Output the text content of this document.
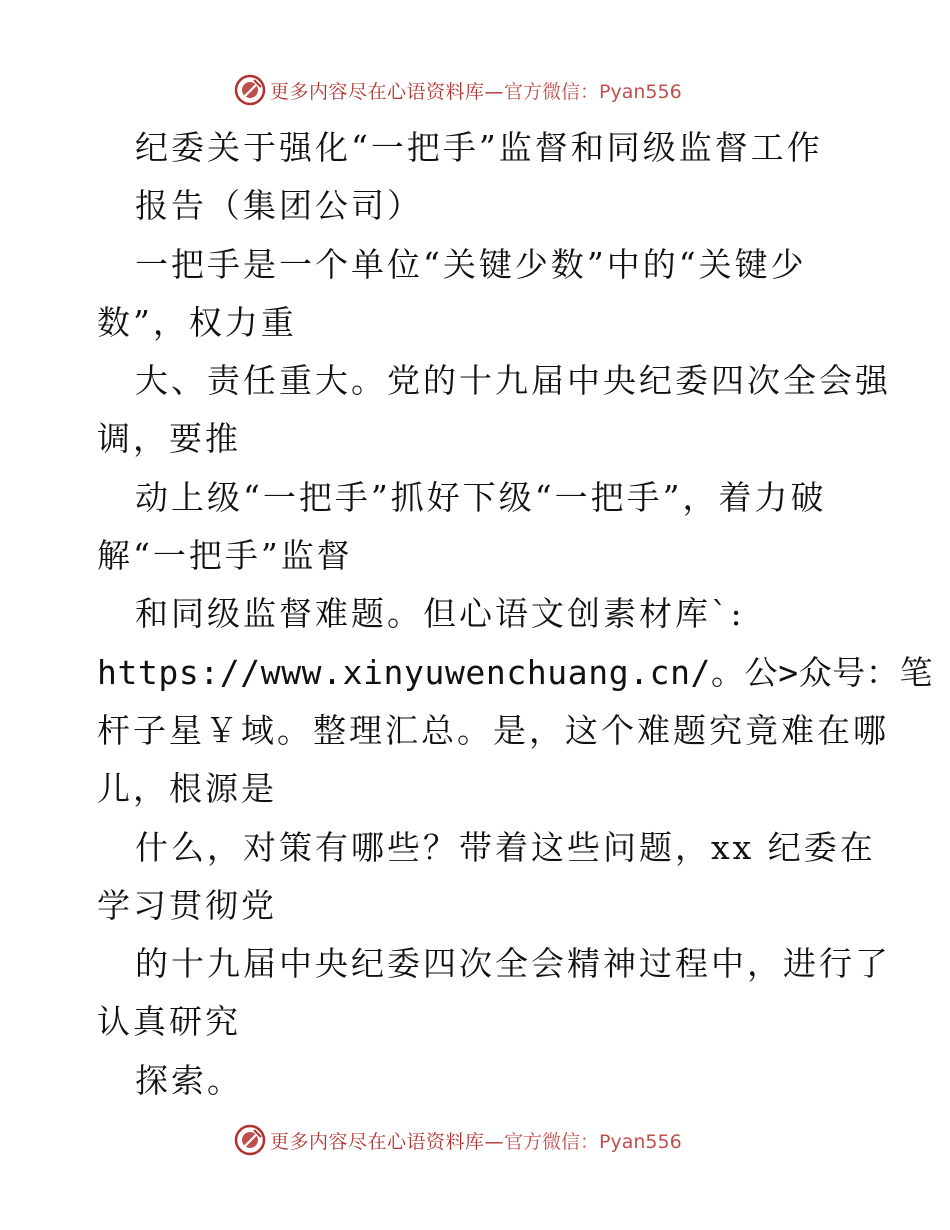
更多内容尽在心语资料库— 官方微信：Pyan556
纪委关于强化“一把手”监督和同级监督工作
报告（集团公司）
一把手是一个单位“关键少数”中的“关键少
数”，权力重
大、责任重大。党的十九届中央纪委四次全会强
调，要推
动上级“一把手”抓好下级“一把手”，着力破
解“一把手”监督
和同级监督难题。但心语文创素材库`:
https://www.xinyuwenchuang.cn/。公>众号：笔
杆子星￥域。整理汇总。是，这个难题究竟难在哪
儿，根源是
什么，对策有哪些？带着这些问题，xx 纪委在
学习贯彻党
的十九届中央纪委四次全会精神过程中，进行了
认真研究
探索。
更多内容尽在心语资料库— 官方微信：Pyan556
